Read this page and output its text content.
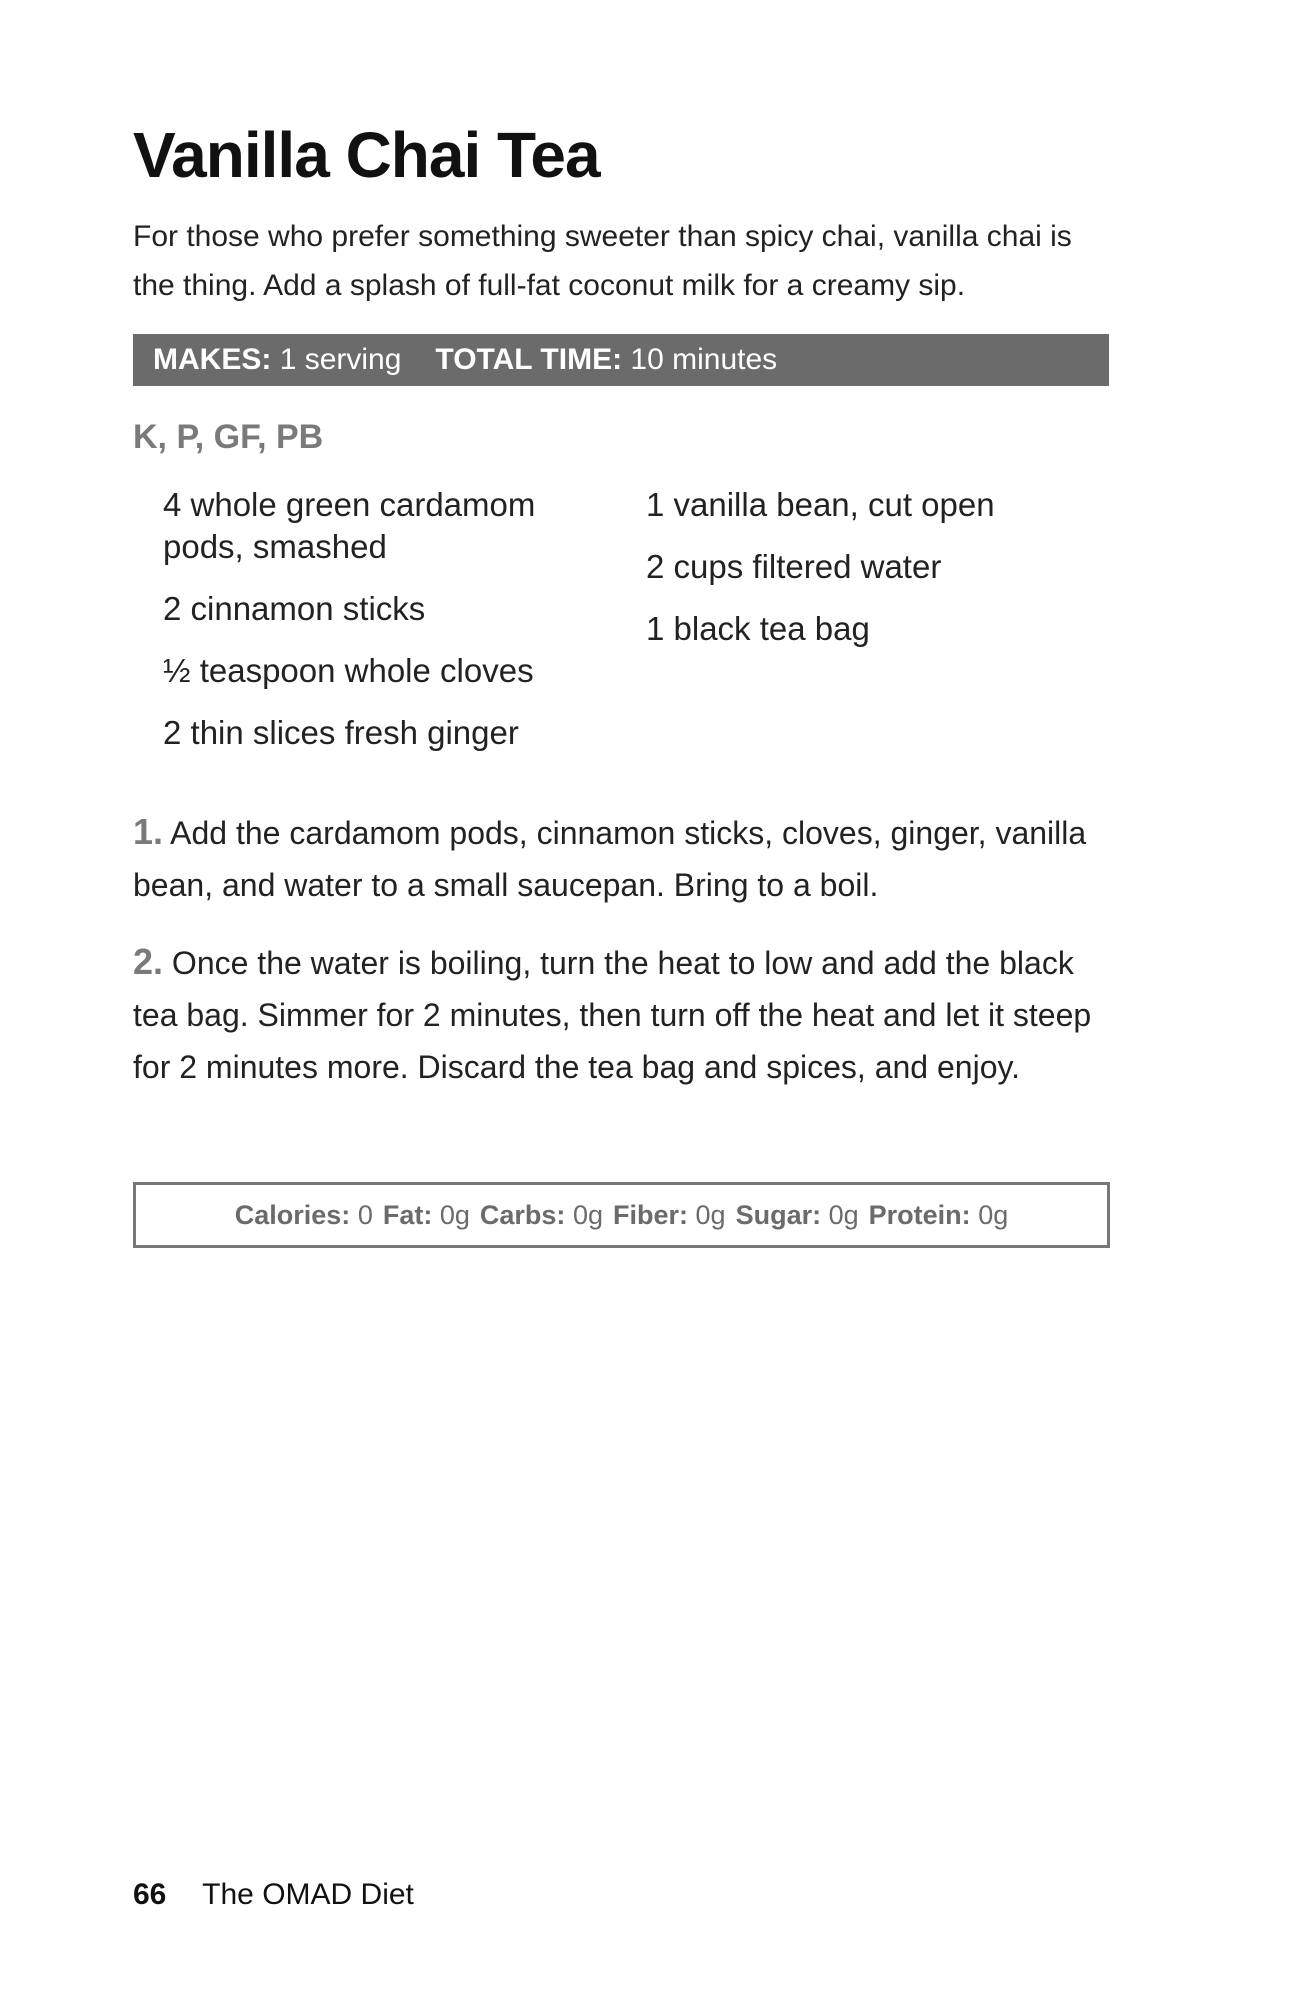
Vanilla Chai Tea

For those who prefer something sweeter than spicy chai, vanilla chai is the thing. Add a splash of full-fat coconut milk for a creamy sip.

MAKES: 1 serving TOTAL TIME: 10 minutes
K, P, GF, PB
4 whole green cardamom pods, smashed
2 cinnamon sticks
½ teaspoon whole cloves
2 thin slices fresh ginger
1 vanilla bean, cut open
2 cups filtered water
1 black tea bag

1. Add the cardamom pods, cinnamon sticks, cloves, ginger, vanilla bean, and water to a small saucepan. Bring to a boil.

2. Once the water is boiling, turn the heat to low and add the black tea bag. Simmer for 2 minutes, then turn off the heat and let it steep for 2 minutes more. Discard the tea bag and spices, and enjoy.

Calories: 0 Fat: 0g Carbs: 0g Fiber: 0g Sugar: 0g Protein: 0g
66 The OMAD Diet
